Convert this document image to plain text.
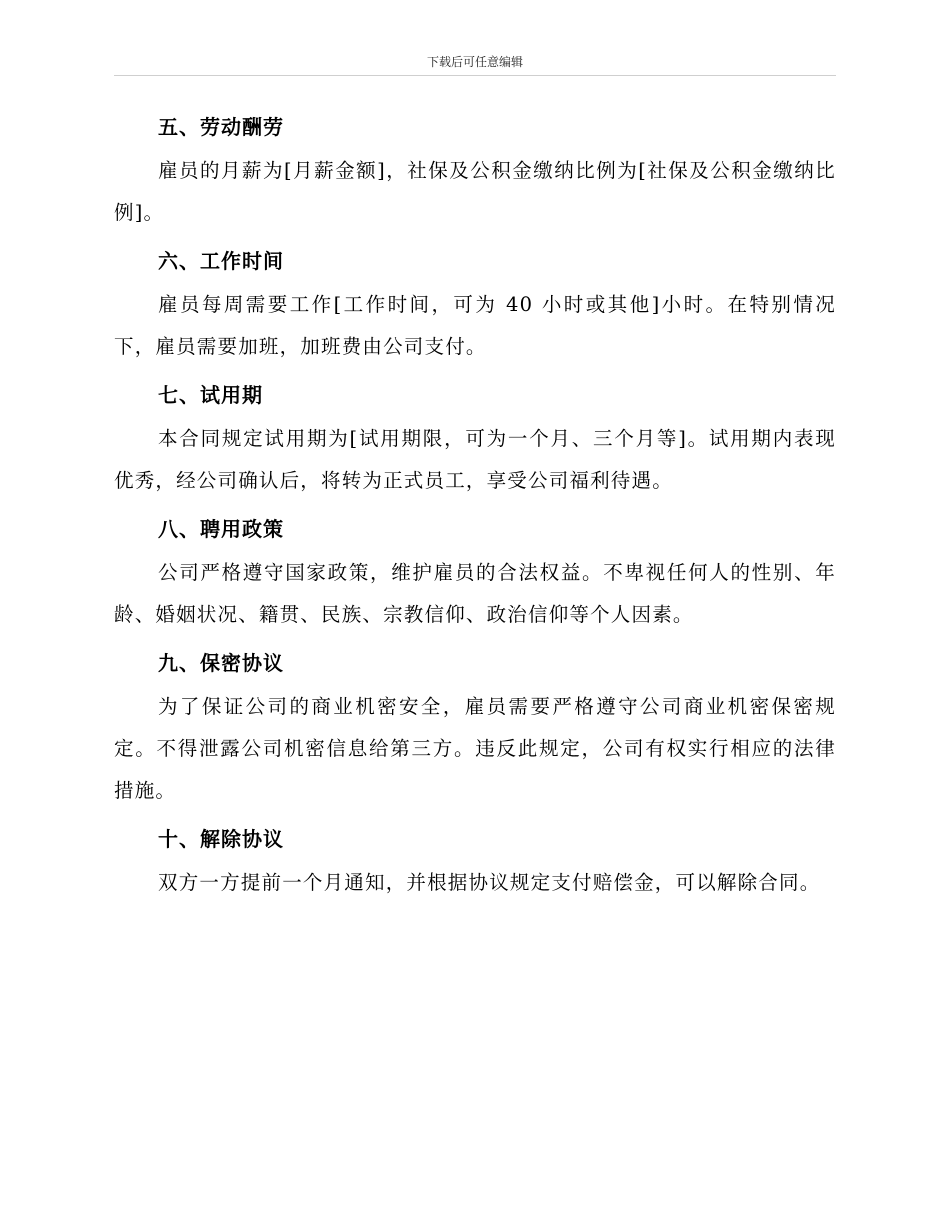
下载后可任意编辑
五、劳动酬劳

雇员的月薪为[月薪金额]，社保及公积金缴纳比例为[社保及公积金缴纳比例]。

六、工作时间

雇员每周需要工作[工作时间，可为 40 小时或其他]小时。在特别情况下，雇员需要加班，加班费由公司支付。

七、试用期

本合同规定试用期为[试用期限，可为一个月、三个月等]。试用期内表现优秀，经公司确认后，将转为正式员工，享受公司福利待遇。

八、聘用政策

公司严格遵守国家政策，维护雇员的合法权益。不卑视任何人的性别、年龄、婚姻状况、籍贯、民族、宗教信仰、政治信仰等个人因素。

九、保密协议

为了保证公司的商业机密安全，雇员需要严格遵守公司商业机密保密规定。不得泄露公司机密信息给第三方。违反此规定，公司有权实行相应的法律措施。

十、解除协议

双方一方提前一个月通知，并根据协议规定支付赔偿金，可以解除合同。
